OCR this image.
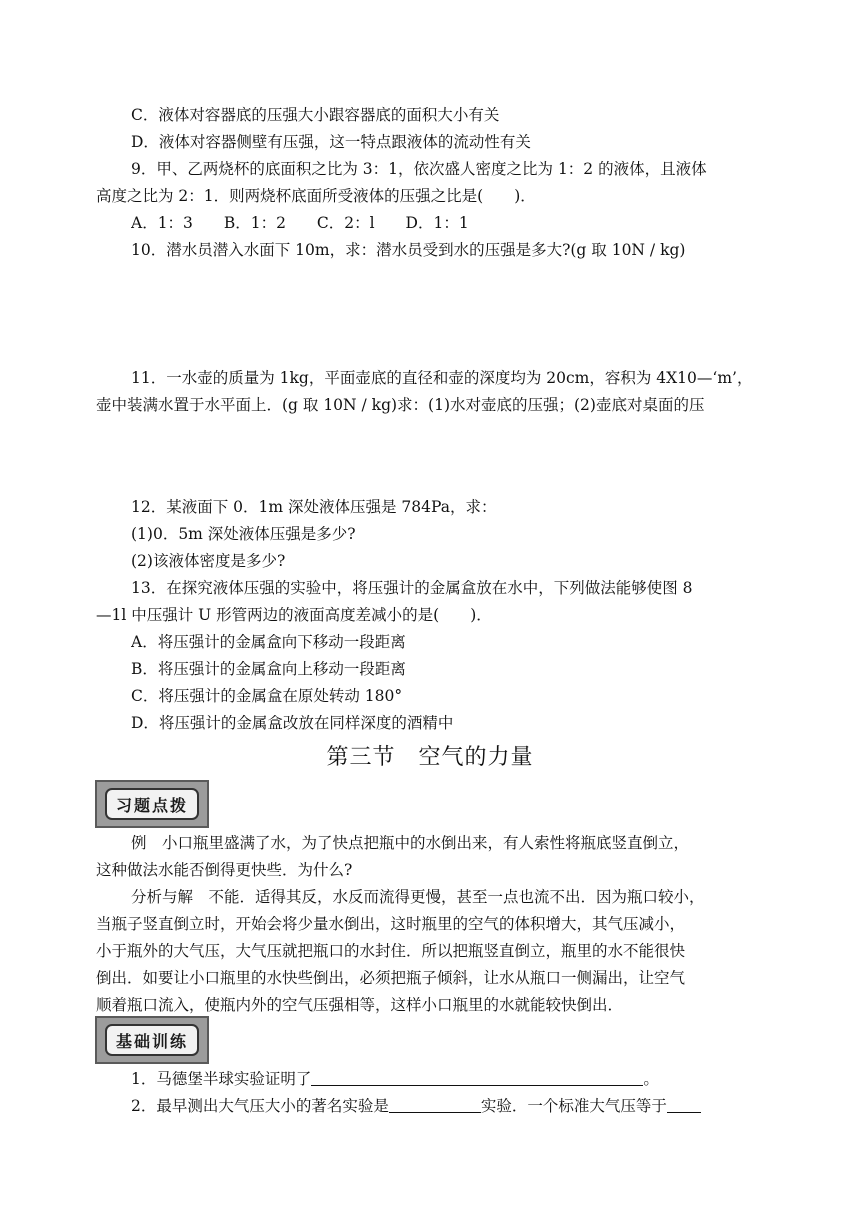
C．液体对容器底的压强大小跟容器底的面积大小有关
D．液体对容器侧壁有压强，这一特点跟液体的流动性有关
9．甲、乙两烧杯的底面积之比为 3：1，依次盛人密度之比为 1：2 的液体，且液体
高度之比为 2：1．则两烧杯底面所受液体的压强之比是(　　)．
A．1：3 B．1：2 C．2：l D．1：1
10．潜水员潜入水面下 10m，求：潜水员受到水的压强是多大?(g 取 10N / kg)
11．一水壶的质量为 1kg，平面壶底的直径和壶的深度均为 20cm，容积为 4X10—‘m’，
壶中装满水置于水平面上．(g 取 10N / kg)求：(1)水对壶底的压强；(2)壶底对桌面的压
12．某液面下 0．1m 深处液体压强是 784Pa，求：
(1)0．5m 深处液体压强是多少?
(2)该液体密度是多少?
13．在探究液体压强的实验中，将压强计的金属盒放在水中，下列做法能够使图 8
—1l 中压强计 U 形管两边的液面高度差减小的是(　　)．
A．将压强计的金属盒向下移动一段距离
B．将压强计的金属盒向上移动一段距离
C．将压强计的金属盒在原处转动 180°
D．将压强计的金属盒改放在同样深度的酒精中
第三节　空气的力量
习题点拨
例　小口瓶里盛满了水，为了快点把瓶中的水倒出来，有人索性将瓶底竖直倒立，
这种做法水能否倒得更快些．为什么?
分析与解　不能．适得其反，水反而流得更慢，甚至一点也流不出．因为瓶口较小，
当瓶子竖直倒立时，开始会将少量水倒出，这时瓶里的空气的体积增大，其气压减小，
小于瓶外的大气压，大气压就把瓶口的水封住．所以把瓶竖直倒立，瓶里的水不能很快
倒出．如要让小口瓶里的水快些倒出，必须把瓶子倾斜，让水从瓶口一侧漏出，让空气
顺着瓶口流入，使瓶内外的空气压强相等，这样小口瓶里的水就能较快倒出．
基础训练
1．马德堡半球实验证明了	。
2．最早测出大气压大小的著名实验是	实验．一个标准大气压等于
